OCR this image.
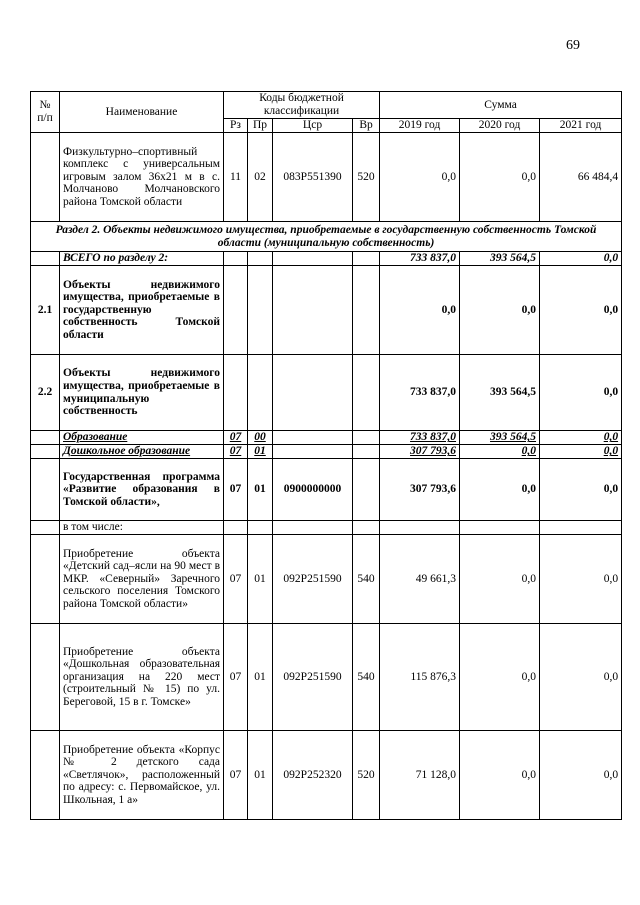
69
№ п/п	Наименование	Коды бюджетной классификации				Сумма		
		Рз	Пр	Цср	Вр	2019 год	2020 год	2021 год
	Физкультурно–спортивный комплекс с универсальным игровым залом 36х21 м в с. Молчаново Молчановского района Томской области	11	02	083P551390	520	0,0	0,0	66 484,4
Раздел 2. Объекты недвижимого имущества, приобретаемые в государственную собственность Томской области (муниципальную собственность)								
	ВСЕГО по разделу 2:					733 837,0	393 564,5	0,0
2.1	Объекты недвижимого имущества, приобретаемые в государственную собственность Томской области					0,0	0,0	0,0
2.2	Объекты недвижимого имущества, приобретаемые в муниципальную собственность					733 837,0	393 564,5	0,0
	Образование	07	00			733 837,0	393 564,5	0,0
	Дошкольное образование	07	01			307 793,6	0,0	0,0
	Государственная программа «Развитие образования в Томской области»,	07	01	0900000000		307 793,6	0,0	0,0
	в том числе:							
	Приобретение объекта «Детский сад–ясли на 90 мест в МКР. «Северный» Заречного сельского поселения Томского района Томской области»	07	01	092P251590	540	49 661,3	0,0	0,0
	Приобретение объекта «Дошкольная образовательная организация на 220 мест (строительный № 15) по ул. Береговой, 15 в г. Томске»	07	01	092P251590	540	115 876,3	0,0	0,0
	Приобретение объекта «Корпус № 2 детского сада «Светлячок», расположенный по адресу: с. Первомайское, ул. Школьная, 1 а»	07	01	092P252320	520	71 128,0	0,0	0,0
